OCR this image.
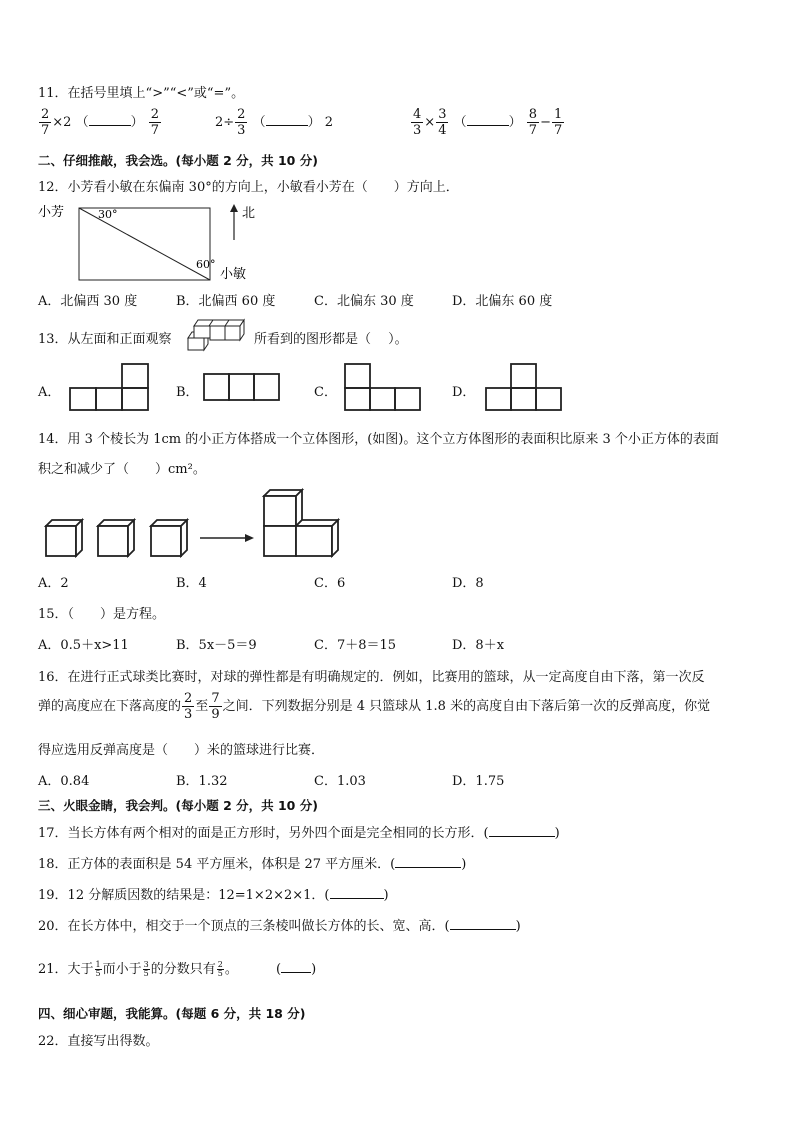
11．在括号里填上“>”“<”或“=”。
$\frac{2}{7} \times 2$ （	） $\frac{2}{7}$	$2\div \frac{2}{3}$ （	） 2	$\frac{4}{3} \times \frac{3}{4}$ （	） $\frac{8}{7} - \frac{1}{7}$
二、仔细推敲，我会选。(每小题 2 分，共 10 分)
12．小芳看小敏在东偏南 30°的方向上，小敏看小芳在（　　）方向上．
小芳	30°
60°
小敏
北
A．北偏西 30 度	B．北偏西 60 度	C．北偏东 30 度	D．北偏东 60 度
13．从左面和正面观察	所看到的图形都是（　 ）。
A．	B．	C．	D．
14．用 3 个棱长为 1cm 的小正方体搭成一个立体图形，(如图)。这个立方体图形的表面积比原来 3 个小正方体的表面
积之和减少了（　　）cm²。
A．2	B．4	C．6	D．8
15．（　　）是方程。
A．0.5＋x>11	B．5x－5＝9	C．7＋8＝15	D．8＋x
16．在进行正式球类比赛时，对球的弹性都是有明确规定的．例如，比赛用的篮球，从一定高度自由下落，第一次反
弹的高度应在下落高度的 $\frac{2}{3}$ 至 $\frac{7}{9}$ 之间．下列数据分别是 4 只篮球从 1.8 米的高度自由下落后第一次的反弹高度，你觉
得应选用反弹高度是（　　）米的篮球进行比赛．
A．0.84	B．1.32	C．1.03	D．1.75
三、火眼金睛，我会判。(每小题 2 分，共 10 分)
17．当长方体有两个相对的面是正方形时，另外四个面是完全相同的长方形．(	)
18．正方体的表面积是 54 平方厘米，体积是 27 平方厘米．(	)
19．12 分解质因数的结果是：12=1×2×2×1．(	)
20．在长方体中，相交于一个顶点的三条棱叫做长方体的长、宽、高．(	)
21．大于 $\frac{1}{5}$ 而小于 $\frac{3}{5}$ 的分数只有 $\frac{2}{5}$ 。	( )
四、细心审题，我能算。(每题 6 分，共 18 分)
22．直接写出得数。
